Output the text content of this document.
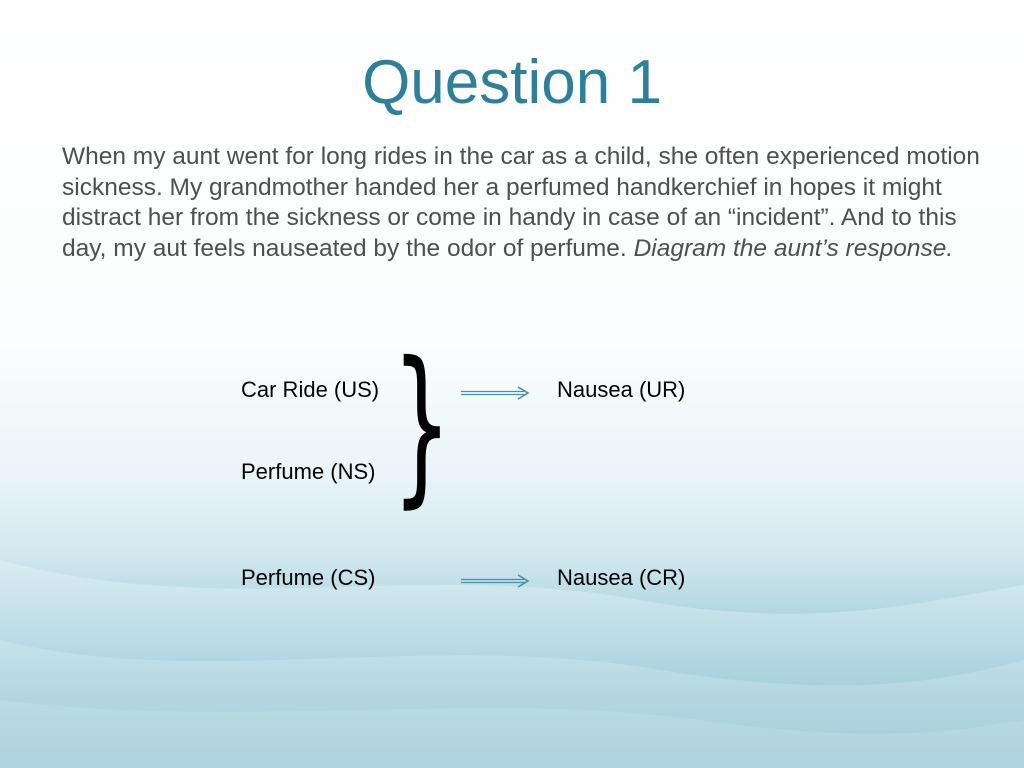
Question 1
When my aunt went for long rides in the car as a child, she often experienced motion sickness. My grandmother handed her a perfumed handkerchief in hopes it might distract her from the sickness or come in handy in case of an “incident”. And to this day, my aut feels nauseated by the odor of perfume. Diagram the aunt’s response.
Car Ride (US)	Nausea (UR)
Perfume (NS)
Perfume (CS)	Nausea (CR)
}
